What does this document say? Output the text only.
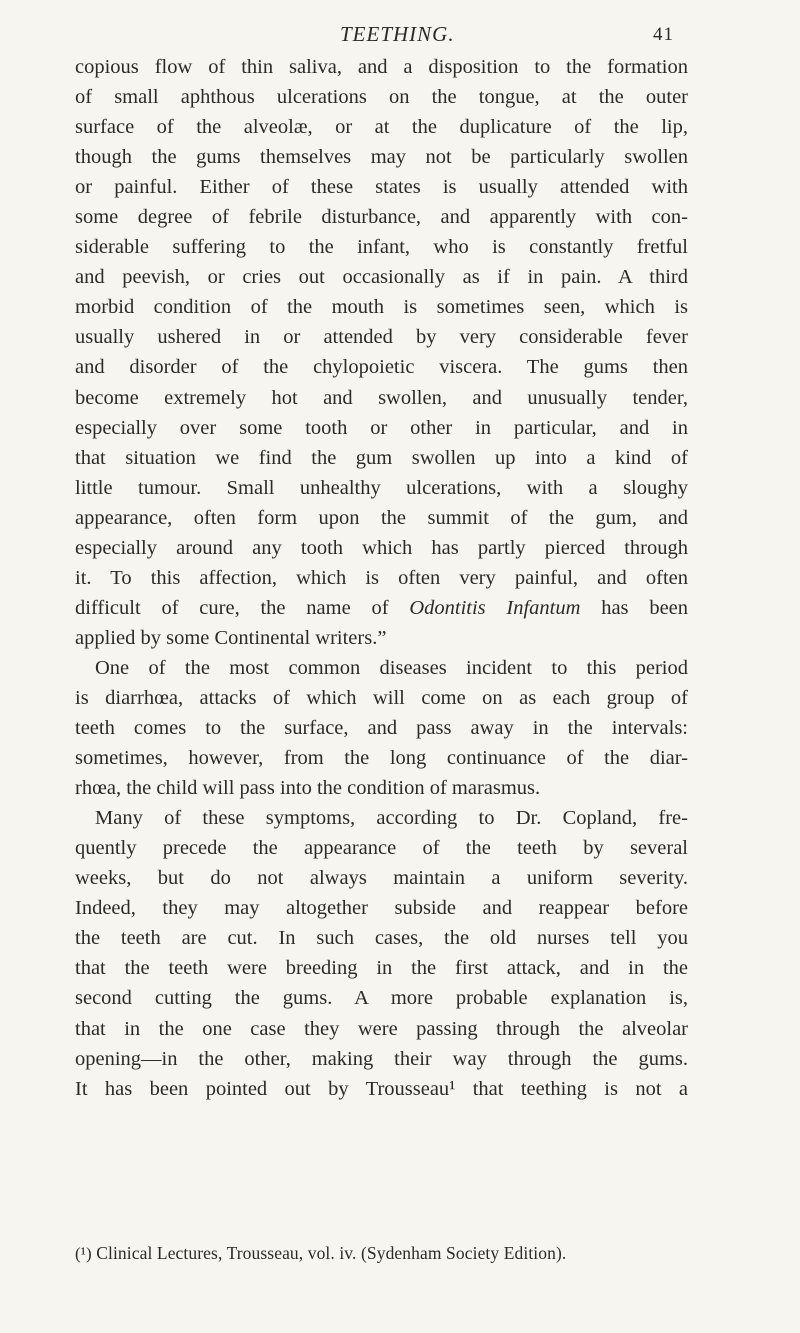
TEETHING.	41
copious flow of thin saliva, and a disposition to the formation
of small aphthous ulcerations on the tongue, at the outer
surface of the alveolæ, or at the duplicature of the lip,
though the gums themselves may not be particularly swollen
or painful. Either of these states is usually attended with
some degree of febrile disturbance, and apparently with con-
siderable suffering to the infant, who is constantly fretful
and peevish, or cries out occasionally as if in pain. A third
morbid condition of the mouth is sometimes seen, which is
usually ushered in or attended by very considerable fever
and disorder of the chylopoietic viscera. The gums then
become extremely hot and swollen, and unusually tender,
especially over some tooth or other in particular, and in
that situation we find the gum swollen up into a kind of
little tumour. Small unhealthy ulcerations, with a sloughy
appearance, often form upon the summit of the gum, and
especially around any tooth which has partly pierced through
it. To this affection, which is often very painful, and often
difficult of cure, the name of Odontitis Infantum has been
applied by some Continental writers.”
One of the most common diseases incident to this period
is diarrhœa, attacks of which will come on as each group of
teeth comes to the surface, and pass away in the intervals:
sometimes, however, from the long continuance of the diar-
rhœa, the child will pass into the condition of marasmus.
Many of these symptoms, according to Dr. Copland, fre-
quently precede the appearance of the teeth by several
weeks, but do not always maintain a uniform severity.
Indeed, they may altogether subside and reappear before
the teeth are cut. In such cases, the old nurses tell you
that the teeth were breeding in the first attack, and in the
second cutting the gums. A more probable explanation is,
that in the one case they were passing through the alveolar
opening—in the other, making their way through the gums.
It has been pointed out by Trousseau¹ that teething is not a
(¹) Clinical Lectures, Trousseau, vol. iv. (Sydenham Society Edition).
